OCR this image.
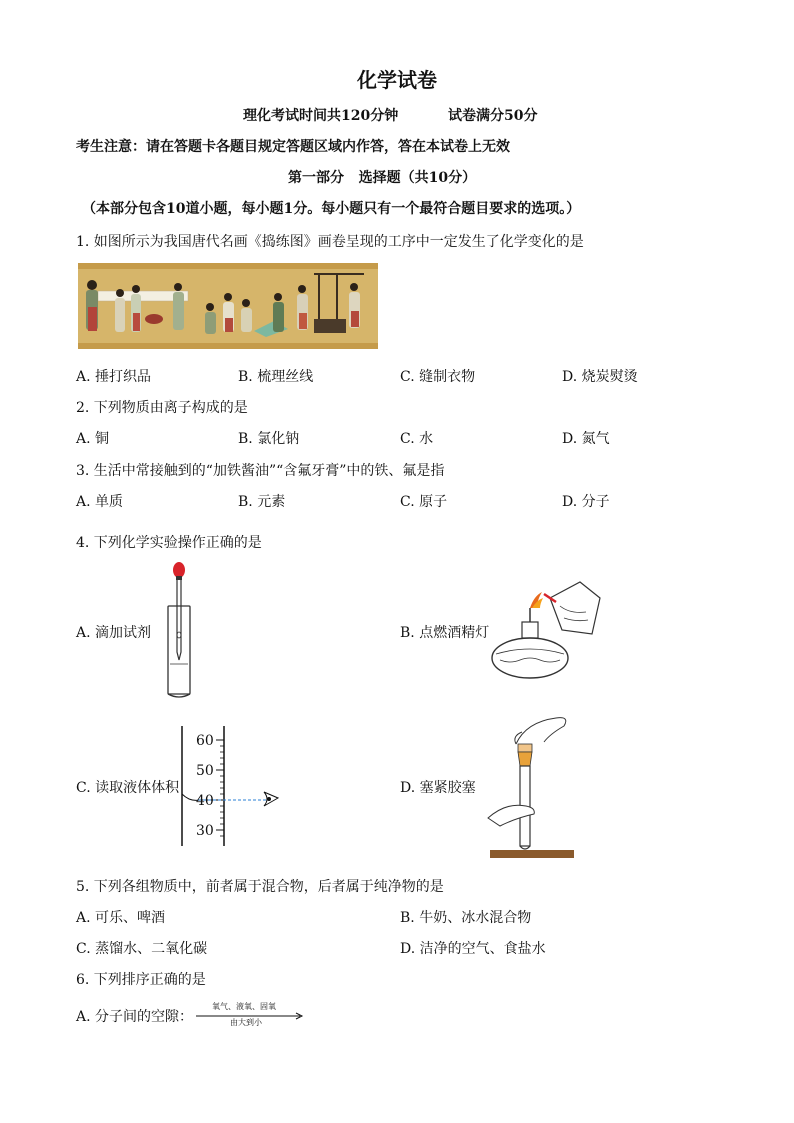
化学试卷
理化考试时间共120分钟	试卷满分50分
考生注意：请在答题卡各题目规定答题区域内作答，答在本试卷上无效
第一部分   选择题（共10分）
（本部分包含10道小题，每小题1分。每小题只有一个最符合题目要求的选项。）
1. 如图所示为我国唐代名画《捣练图》画卷呈现的工序中一定发生了化学变化的是
A. 捶打织品	B. 梳理丝线	C. 缝制衣物	D. 烧炭熨烫
2. 下列物质由离子构成的是
A. 铜	B. 氯化钠	C. 水	D. 氮气
3. 生活中常接触到的“加铁酱油”“含氟牙膏”中的铁、氟是指
A. 单质	B. 元素	C. 原子	D. 分子
4. 下列化学实验操作正确的是
A. 滴加试剂	B. 点燃酒精灯
60
50
40
30
C. 读取液体体积	D. 塞紧胶塞
5. 下列各组物质中，前者属于混合物，后者属于纯净物的是
A. 可乐、啤酒	B. 牛奶、冰水混合物
C. 蒸馏水、二氧化碳	D. 洁净的空气、食盐水
6. 下列排序正确的是
A. 分子间的空隙：
氧气、液氧、固氧
由大到小
